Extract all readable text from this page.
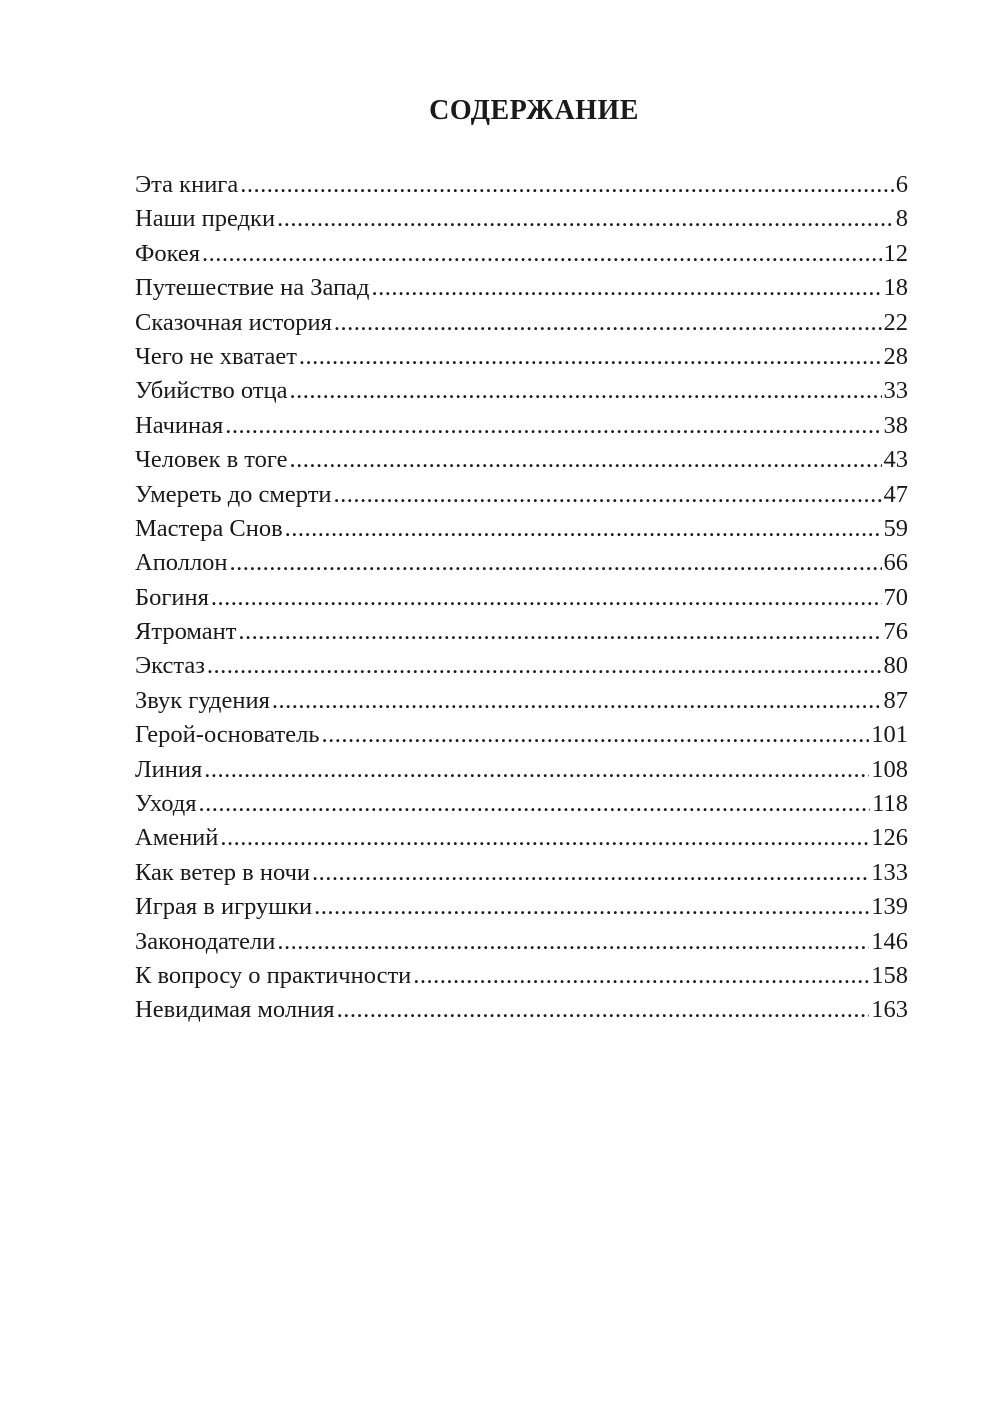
СОДЕРЖАНИЕ
Эта книга .....	6
Наши предки .....	8
Фокея .....	12
Путешествие на Запад .....	18
Сказочная история .....	22
Чего не хватает .....	28
Убийство отца .....	33
Начиная .....	38
Человек в тоге .....	43
Умереть до смерти .....	47
Мастера Снов .....	59
Аполлон .....	66
Богиня .....	70
Ятромант .....	76
Экстаз .....	80
Звук гудения .....	87
Герой-основатель .....	101
Линия .....	108
Уходя .....	118
Амений .....	126
Как ветер в ночи .....	133
Играя в игрушки .....	139
Законодатели .....	146
К вопросу о практичности .....	158
Невидимая молния .....	163
